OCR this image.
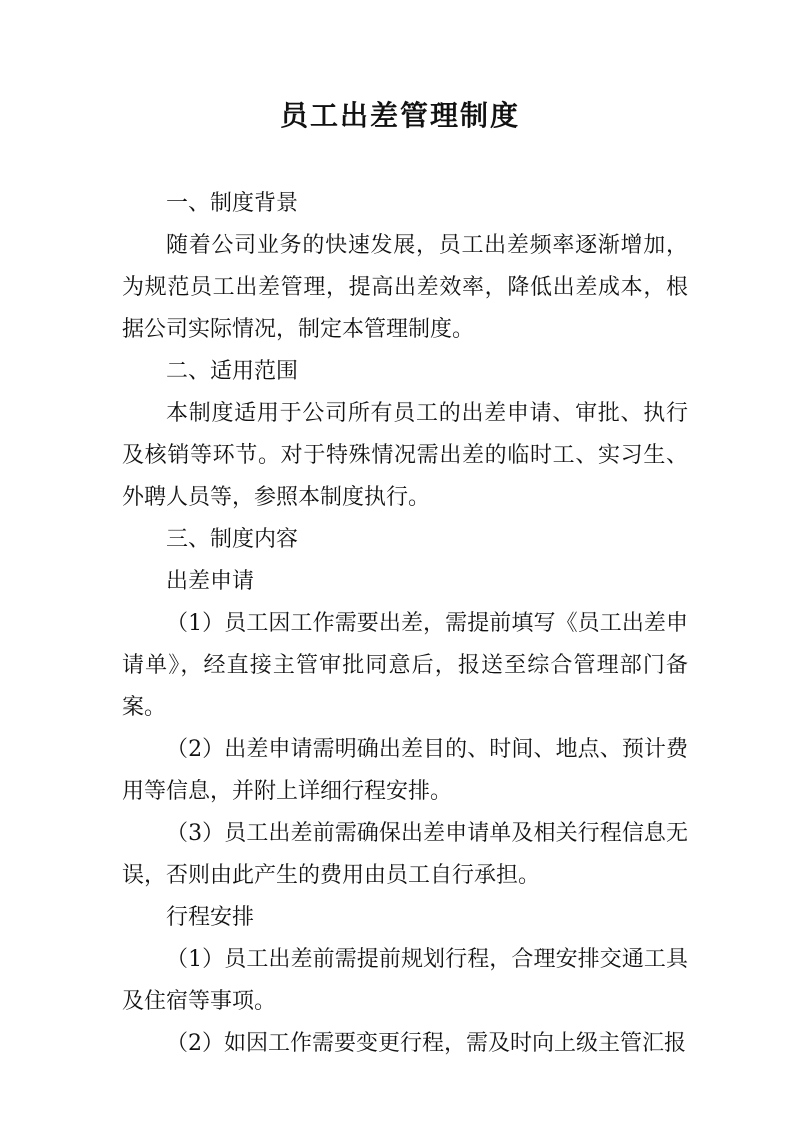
员工出差管理制度

一、制度背景

随着公司业务的快速发展，员工出差频率逐渐增加，为规范员工出差管理，提高出差效率，降低出差成本，根据公司实际情况，制定本管理制度。

二、适用范围

本制度适用于公司所有员工的出差申请、审批、执行及核销等环节。对于特殊情况需出差的临时工、实习生、外聘人员等，参照本制度执行。

三、制度内容

出差申请

（1）员工因工作需要出差，需提前填写《员工出差申请单》，经直接主管审批同意后，报送至综合管理部门备案。

（2）出差申请需明确出差目的、时间、地点、预计费用等信息，并附上详细行程安排。

（3）员工出差前需确保出差申请单及相关行程信息无误，否则由此产生的费用由员工自行承担。

行程安排

（1）员工出差前需提前规划行程，合理安排交通工具及住宿等事项。

（2）如因工作需要变更行程，需及时向上级主管汇报
